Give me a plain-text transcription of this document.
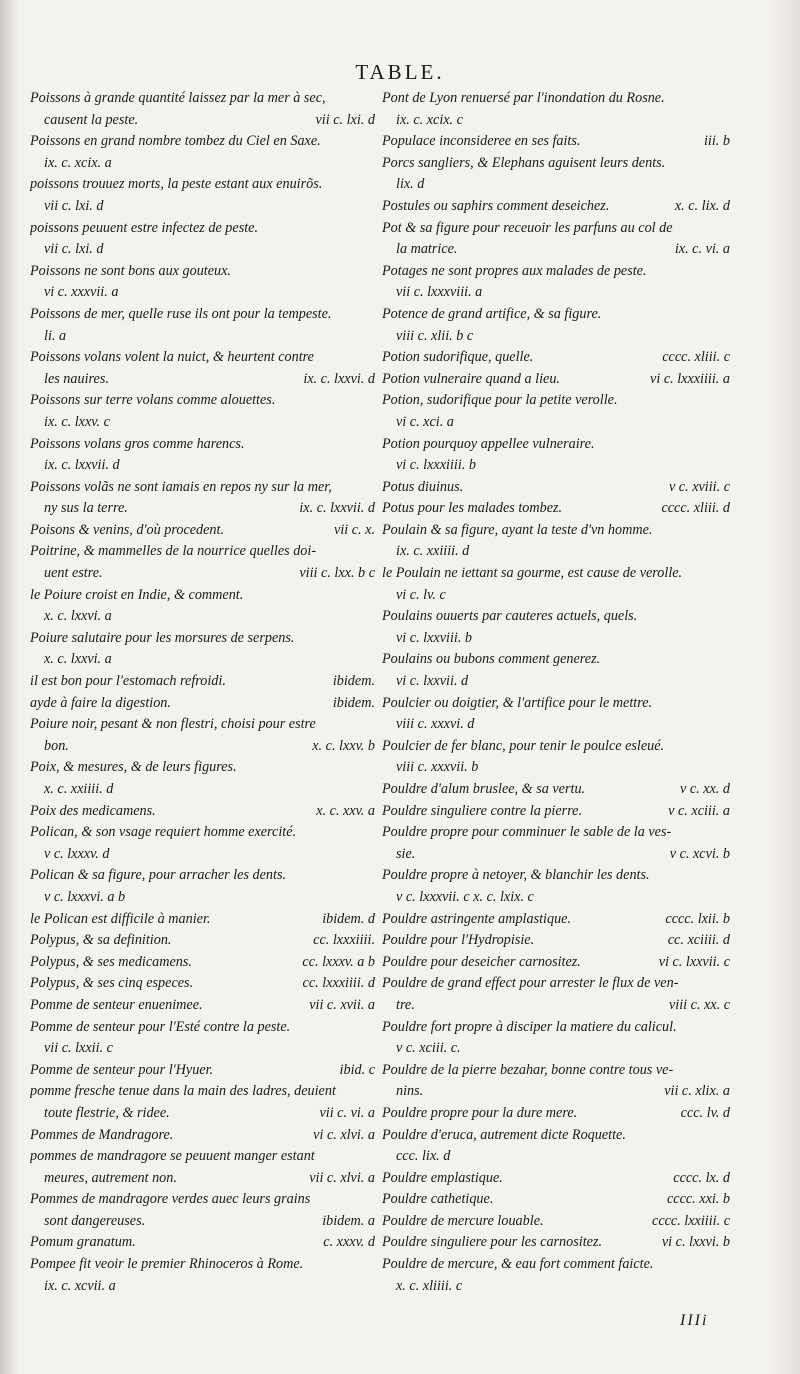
TABLE.
Poissons à grande quantité laissez par la mer à sec,
causent la peste.	vii c. lxi. d
Poissons en grand nombre tombez du Ciel en Saxe.
ix. c. xcix. a
poissons trouuez morts, la peste estant aux enuirõs.
vii c. lxi. d
poissons peuuent estre infectez de peste.
vii c. lxi. d
Poissons ne sont bons aux gouteux.
vi c. xxxvii. a
Poissons de mer, quelle ruse ils ont pour la tempeste.
li. a
Poissons volans volent la nuict, & heurtent contre
les nauires.	ix. c. lxxvi. d
Poissons sur terre volans comme alouettes.
ix. c. lxxv. c
Poissons volans gros comme harencs.
ix. c. lxxvii. d
Poissons volãs ne sont iamais en repos ny sur la mer,
ny sus la terre.	ix. c. lxxvii. d
Poisons & venins, d'où procedent.	vii c. x.
Poitrine, & mammelles de la nourrice quelles doi-
uent estre.	viii c. lxx. b c
le Poiure croist en Indie, & comment.
x. c. lxxvi. a
Poiure salutaire pour les morsures de serpens.
x. c. lxxvi. a
il est bon pour l'estomach refroidi.	ibidem.
ayde à faire la digestion.	ibidem.
Poiure noir, pesant & non flestri, choisi pour estre
bon.	x. c. lxxv. b
Poix, & mesures, & de leurs figures.
x. c. xxiiii. d
Poix des medicamens.	x. c. xxv. a
Polican, & son vsage requiert homme exercité.
v c. lxxxv. d
Polican & sa figure, pour arracher les dents.
v c. lxxxvi. a b
le Polican est difficile à manier.	ibidem. d
Polypus, & sa definition.	cc. lxxxiiii.
Polypus, & ses medicamens.	cc. lxxxv. a b
Polypus, & ses cinq especes.	cc. lxxxiiii. d
Pomme de senteur enuenimee.	vii c. xvii. a
Pomme de senteur pour l'Esté contre la peste.
vii c. lxxii. c
Pomme de senteur pour l'Hyuer.	ibid. c
pomme fresche tenue dans la main des ladres, deuient
toute flestrie, & ridee.	vii c. vi. a
Pommes de Mandragore.	vi c. xlvi. a
pommes de mandragore se peuuent manger estant
meures, autrement non.	vii c. xlvi. a
Pommes de mandragore verdes auec leurs grains
sont dangereuses.	ibidem. a
Pomum granatum.	c. xxxv. d
Pompee fit veoir le premier Rhinoceros à Rome.
ix. c. xcvii. a
Pont de Lyon renuersé par l'inondation du Rosne.
ix. c. xcix. c
Populace inconsideree en ses faits.	iii. b
Porcs sangliers, & Elephans aguisent leurs dents.
lix. d
Postules ou saphirs comment deseichez.	x. c. lix. d
Pot & sa figure pour receuoir les parfuns au col de
la matrice.	ix. c. vi. a
Potages ne sont propres aux malades de peste.
vii c. lxxxviii. a
Potence de grand artifice, & sa figure.
viii c. xlii. b c
Potion sudorifique, quelle.	cccc. xliii. c
Potion vulneraire quand a lieu.	vi c. lxxxiiii. a
Potion, sudorifique pour la petite verolle.
vi c. xci. a
Potion pourquoy appellee vulneraire.
vi c. lxxxiiii. b
Potus diuinus.	v c. xviii. c
Potus pour les malades tombez.	cccc. xliii. d
Poulain & sa figure, ayant la teste d'vn homme.
ix. c. xxiiii. d
le Poulain ne iettant sa gourme, est cause de verolle.
vi c. lv. c
Poulains ouuerts par cauteres actuels, quels.
vi c. lxxviii. b
Poulains ou bubons comment generez.
vi c. lxxvii. d
Poulcier ou doigtier, & l'artifice pour le mettre.
viii c. xxxvi. d
Poulcier de fer blanc, pour tenir le poulce esleué.
viii c. xxxvii. b
Pouldre d'alum bruslee, & sa vertu.	v c. xx. d
Pouldre singuliere contre la pierre.	v c. xciii. a
Pouldre propre pour comminuer le sable de la ves-
sie.	v c. xcvi. b
Pouldre propre à netoyer, & blanchir les dents.
v c. lxxxvii. c x. c. lxix. c
Pouldre astringente amplastique.	cccc. lxii. b
Pouldre pour l'Hydropisie.	cc. xciiii. d
Pouldre pour deseicher carnositez.	vi c. lxxvii. c
Pouldre de grand effect pour arrester le flux de ven-
tre.	viii c. xx. c
Pouldre fort propre à disciper la matiere du calicul.
v c. xciii. c.
Pouldre de la pierre bezahar, bonne contre tous ve-
nins.	vii c. xlix. a
Pouldre propre pour la dure mere.	ccc. lv. d
Pouldre d'eruca, autrement dicte Roquette.
ccc. lix. d
Pouldre emplastique.	cccc. lx. d
Pouldre cathetique.	cccc. xxi. b
Pouldre de mercure louable.	cccc. lxxiiii. c
Pouldre singuliere pour les carnositez.	vi c. lxxvi. b
Pouldre de mercure, & eau fort comment faicte.
x. c. xliiii. c
IIIi
